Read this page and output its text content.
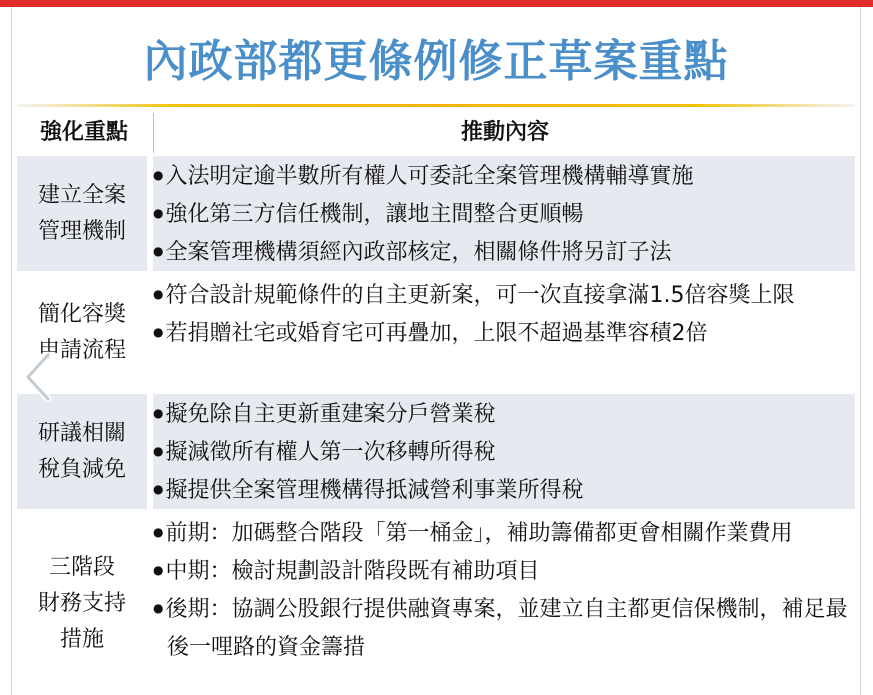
內政部都更條例修正草案重點
強化重點	推動內容
建立全案
管理機制
● 入法明定逾半數所有權人可委託全案管理機構輔導實施
● 強化第三方信任機制，讓地主間整合更順暢
● 全案管理機構須經內政部核定，相關條件將另訂子法
簡化容獎
申請流程
● 符合設計規範條件的自主更新案，可一次直接拿滿1.5倍容獎上限
● 若捐贈社宅或婚育宅可再疊加，上限不超過基準容積2倍
研議相關
稅負減免
● 擬免除自主更新重建案分戶營業稅
● 擬減徵所有權人第一次移轉所得稅
● 擬提供全案管理機構得抵減營利事業所得稅
三階段
財務支持
措施
● 前期：加碼整合階段「第一桶金」，補助籌備都更會相關作業費用
● 中期：檢討規劃設計階段既有補助項目
● 後期：協調公股銀行提供融資專案，並建立自主都更信保機制，補足最後一哩路的資金籌措
